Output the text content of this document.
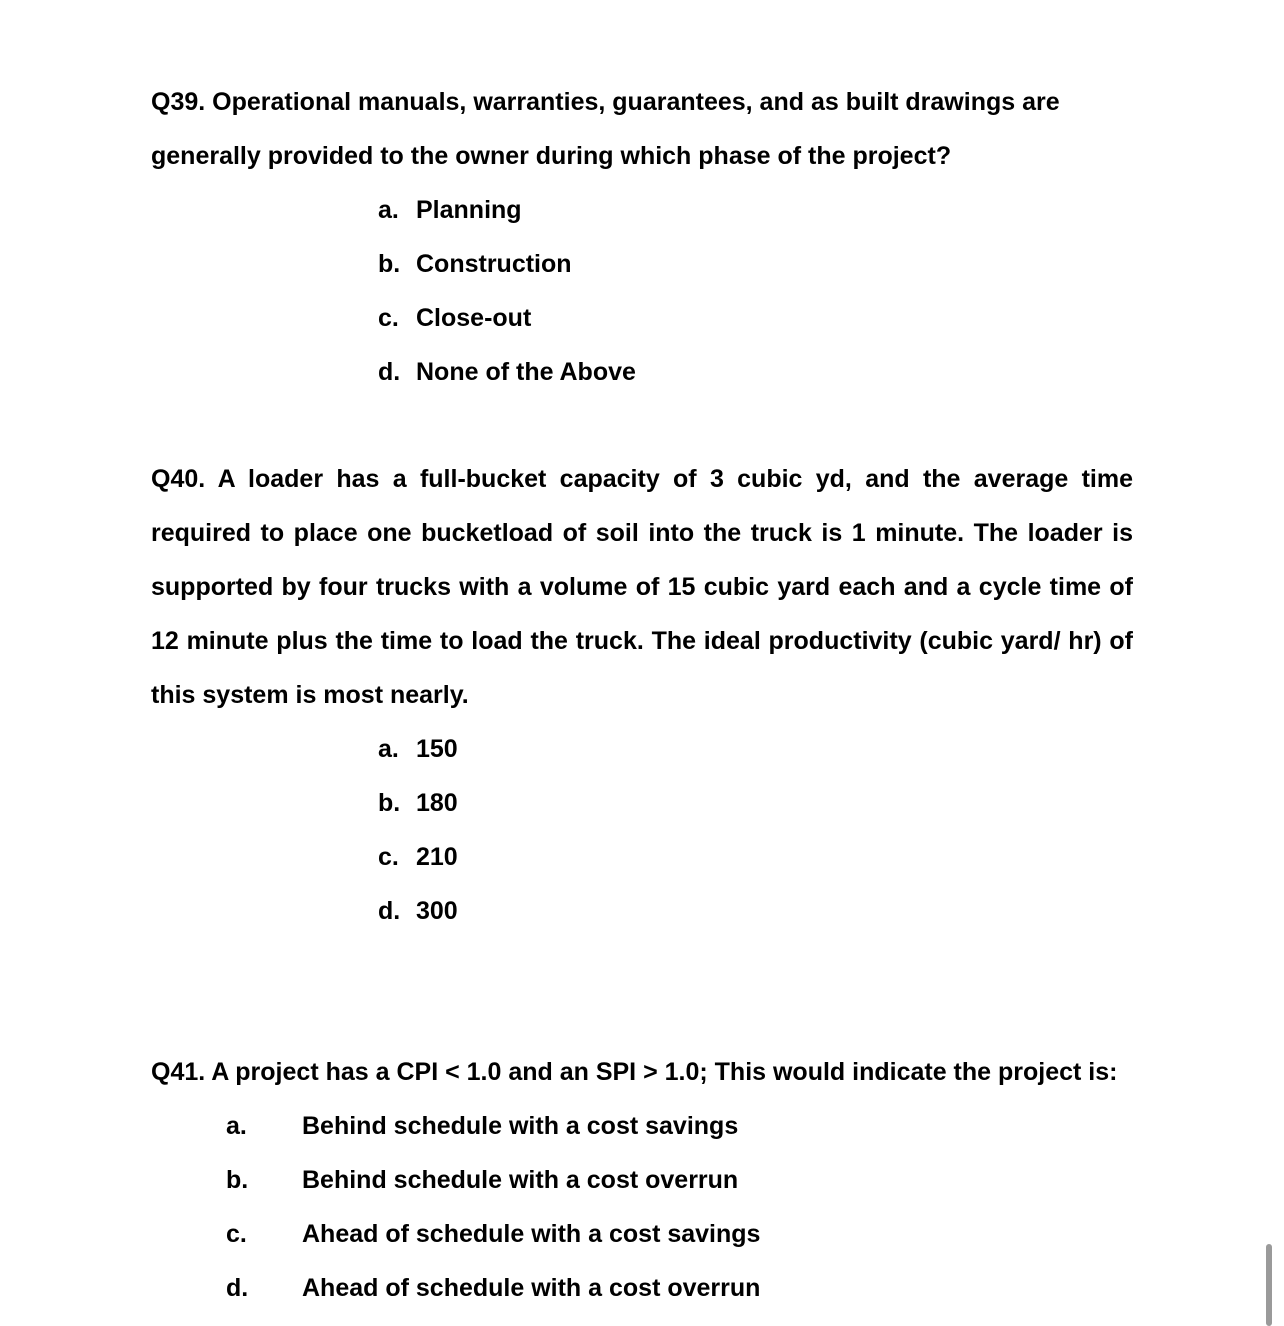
Q39. Operational manuals, warranties, guarantees, and as built drawings are
generally provided to the owner during which phase of the project?
a. Planning
b. Construction
c. Close-out
d. None of the Above
Q40. A loader has a full-bucket capacity of 3 cubic yd, and the average time required to place one bucketload of soil into the truck is 1 minute. The loader is supported by four trucks with a volume of 15 cubic yard each and a cycle time of 12 minute plus the time to load the truck. The ideal productivity (cubic yard/ hr) of this system is most nearly.
a. 150
b. 180
c. 210
d. 300
Q41. A project has a CPI < 1.0 and an SPI > 1.0; This would indicate the project is:
a. Behind schedule with a cost savings
b. Behind schedule with a cost overrun
c. Ahead of schedule with a cost savings
d. Ahead of schedule with a cost overrun
